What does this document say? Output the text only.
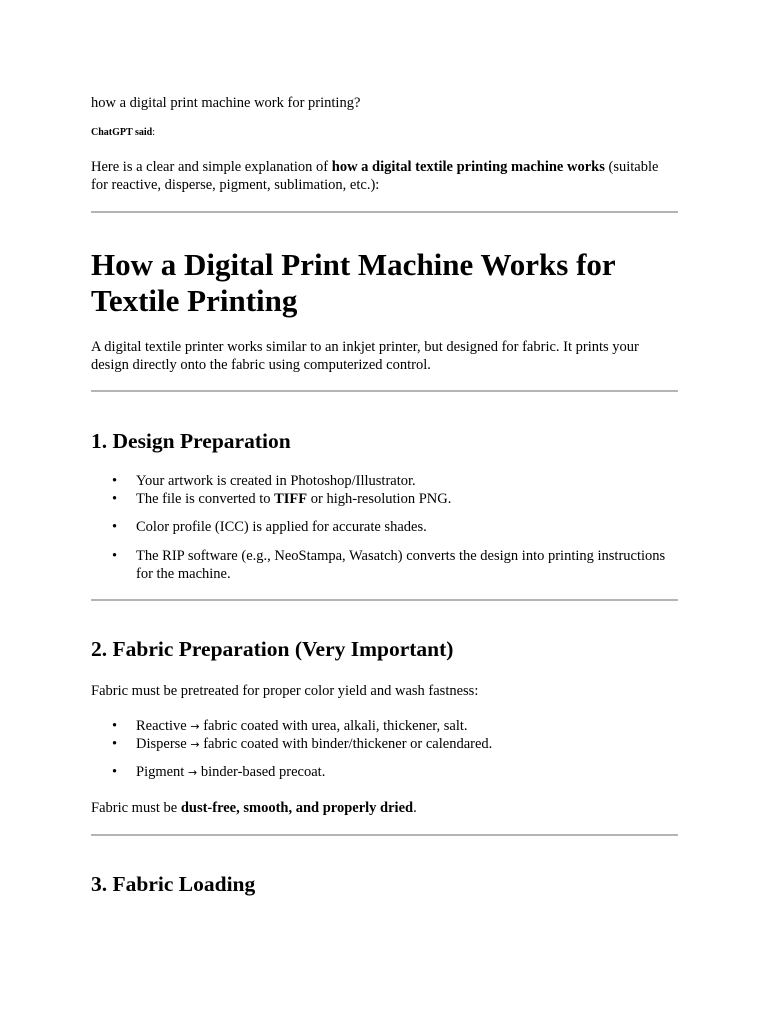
how a digital print machine work for printing?

ChatGPT said:

Here is a clear and simple explanation of how a digital textile printing machine works (suitable for reactive, disperse, pigment, sublimation, etc.):

How a Digital Print Machine Works for Textile Printing

A digital textile printer works similar to an inkjet printer, but designed for fabric. It prints your design directly onto the fabric using computerized control.

1. Design Preparation
• Your artwork is created in Photoshop/Illustrator.
• The file is converted to TIFF or high-resolution PNG.
• Color profile (ICC) is applied for accurate shades.
• The RIP software (e.g., NeoStampa, Wasatch) converts the design into printing instructions for the machine.
2. Fabric Preparation (Very Important)

Fabric must be pretreated for proper color yield and wash fastness:

• Reactive → fabric coated with urea, alkali, thickener, salt.
• Disperse → fabric coated with binder/thickener or calendared.
• Pigment → binder-based precoat.

Fabric must be dust-free, smooth, and properly dried.

3. Fabric Loading
